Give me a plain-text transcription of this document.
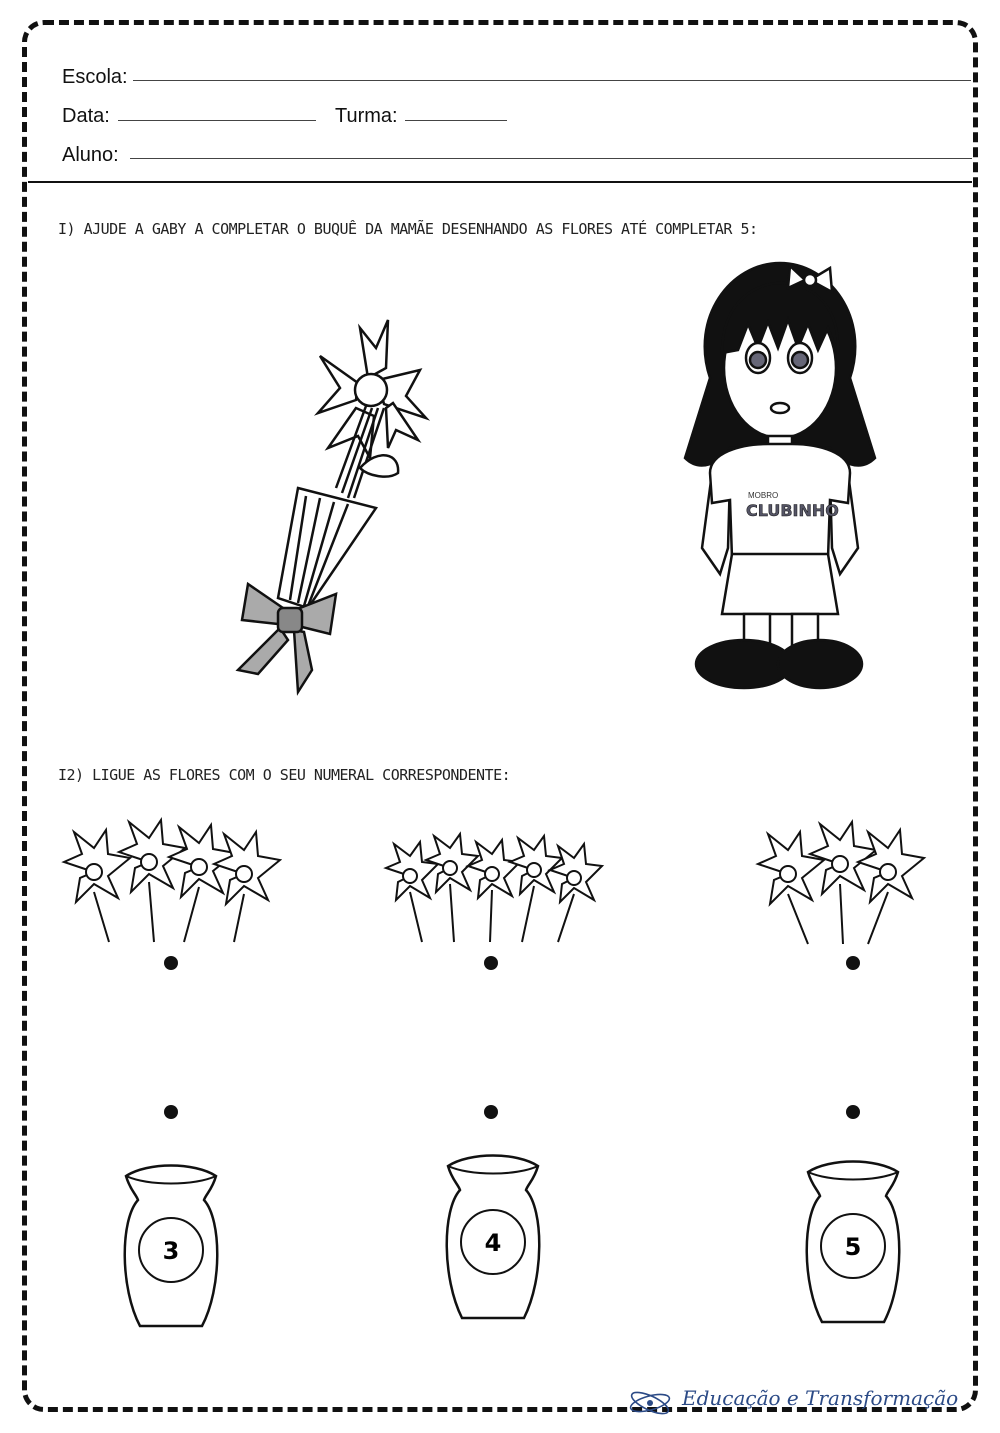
Escola:
Data:	Turma:
Aluno:
I) AJUDE A GABY A COMPLETAR O BUQUÊ DA MAMÃE DESENHANDO AS FLORES ATÉ COMPLETAR 5:
MOBRO
CLUBINHO
I2) LIGUE AS FLORES COM O SEU NUMERAL CORRESPONDENTE:
3	4	5
Educação e Transformação
